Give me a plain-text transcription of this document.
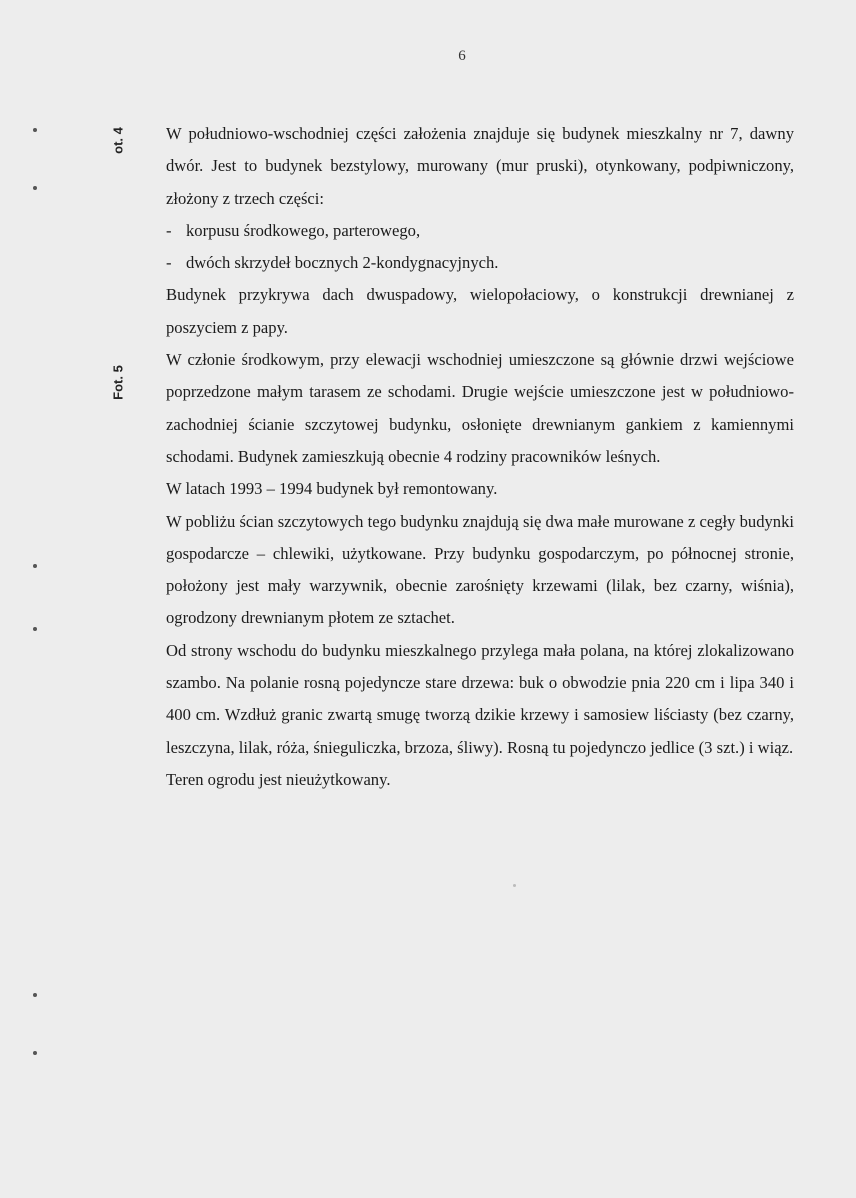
6
ot. 4
Fot. 5

W południowo-wschodniej części założenia znajduje się budynek mieszkalny nr 7, dawny dwór. Jest to budynek bezstylowy, murowany (mur pruski), otynkowany, podpiwniczony, złożony z trzech części:

- korpusu środkowego, parterowego,
- dwóch skrzydeł bocznych 2-kondygnacyjnych.

Budynek przykrywa dach dwuspadowy, wielopołaciowy, o konstrukcji drewnianej z poszyciem z papy.

W członie środkowym, przy elewacji wschodniej umieszczone są głównie drzwi wejściowe poprzedzone małym tarasem ze schodami. Drugie wejście umieszczone jest w południowo-zachodniej ścianie szczytowej budynku, osłonięte drewnianym gankiem z kamiennymi schodami. Budynek zamieszkują obecnie 4 rodziny pracowników leśnych.

W latach 1993 – 1994 budynek był remontowany.

W pobliżu ścian szczytowych tego budynku znajdują się dwa małe murowane z cegły budynki gospodarcze – chlewiki, użytkowane. Przy budynku gospodarczym, po północnej stronie, położony jest mały warzywnik, obecnie zarośnięty krzewami (lilak, bez czarny, wiśnia), ogrodzony drewnianym płotem ze sztachet.

Od strony wschodu do budynku mieszkalnego przylega mała polana, na której zlokalizowano szambo. Na polanie rosną pojedyncze stare drzewa: buk o obwodzie pnia 220 cm i lipa 340 i 400 cm. Wzdłuż granic zwartą smugę tworzą dzikie krzewy i samosiew liściasty (bez czarny, leszczyna, lilak, róża, śnieguliczka, brzoza, śliwy). Rosną tu pojedynczo jedlice (3 szt.) i wiąz.

Teren ogrodu jest nieużytkowany.
